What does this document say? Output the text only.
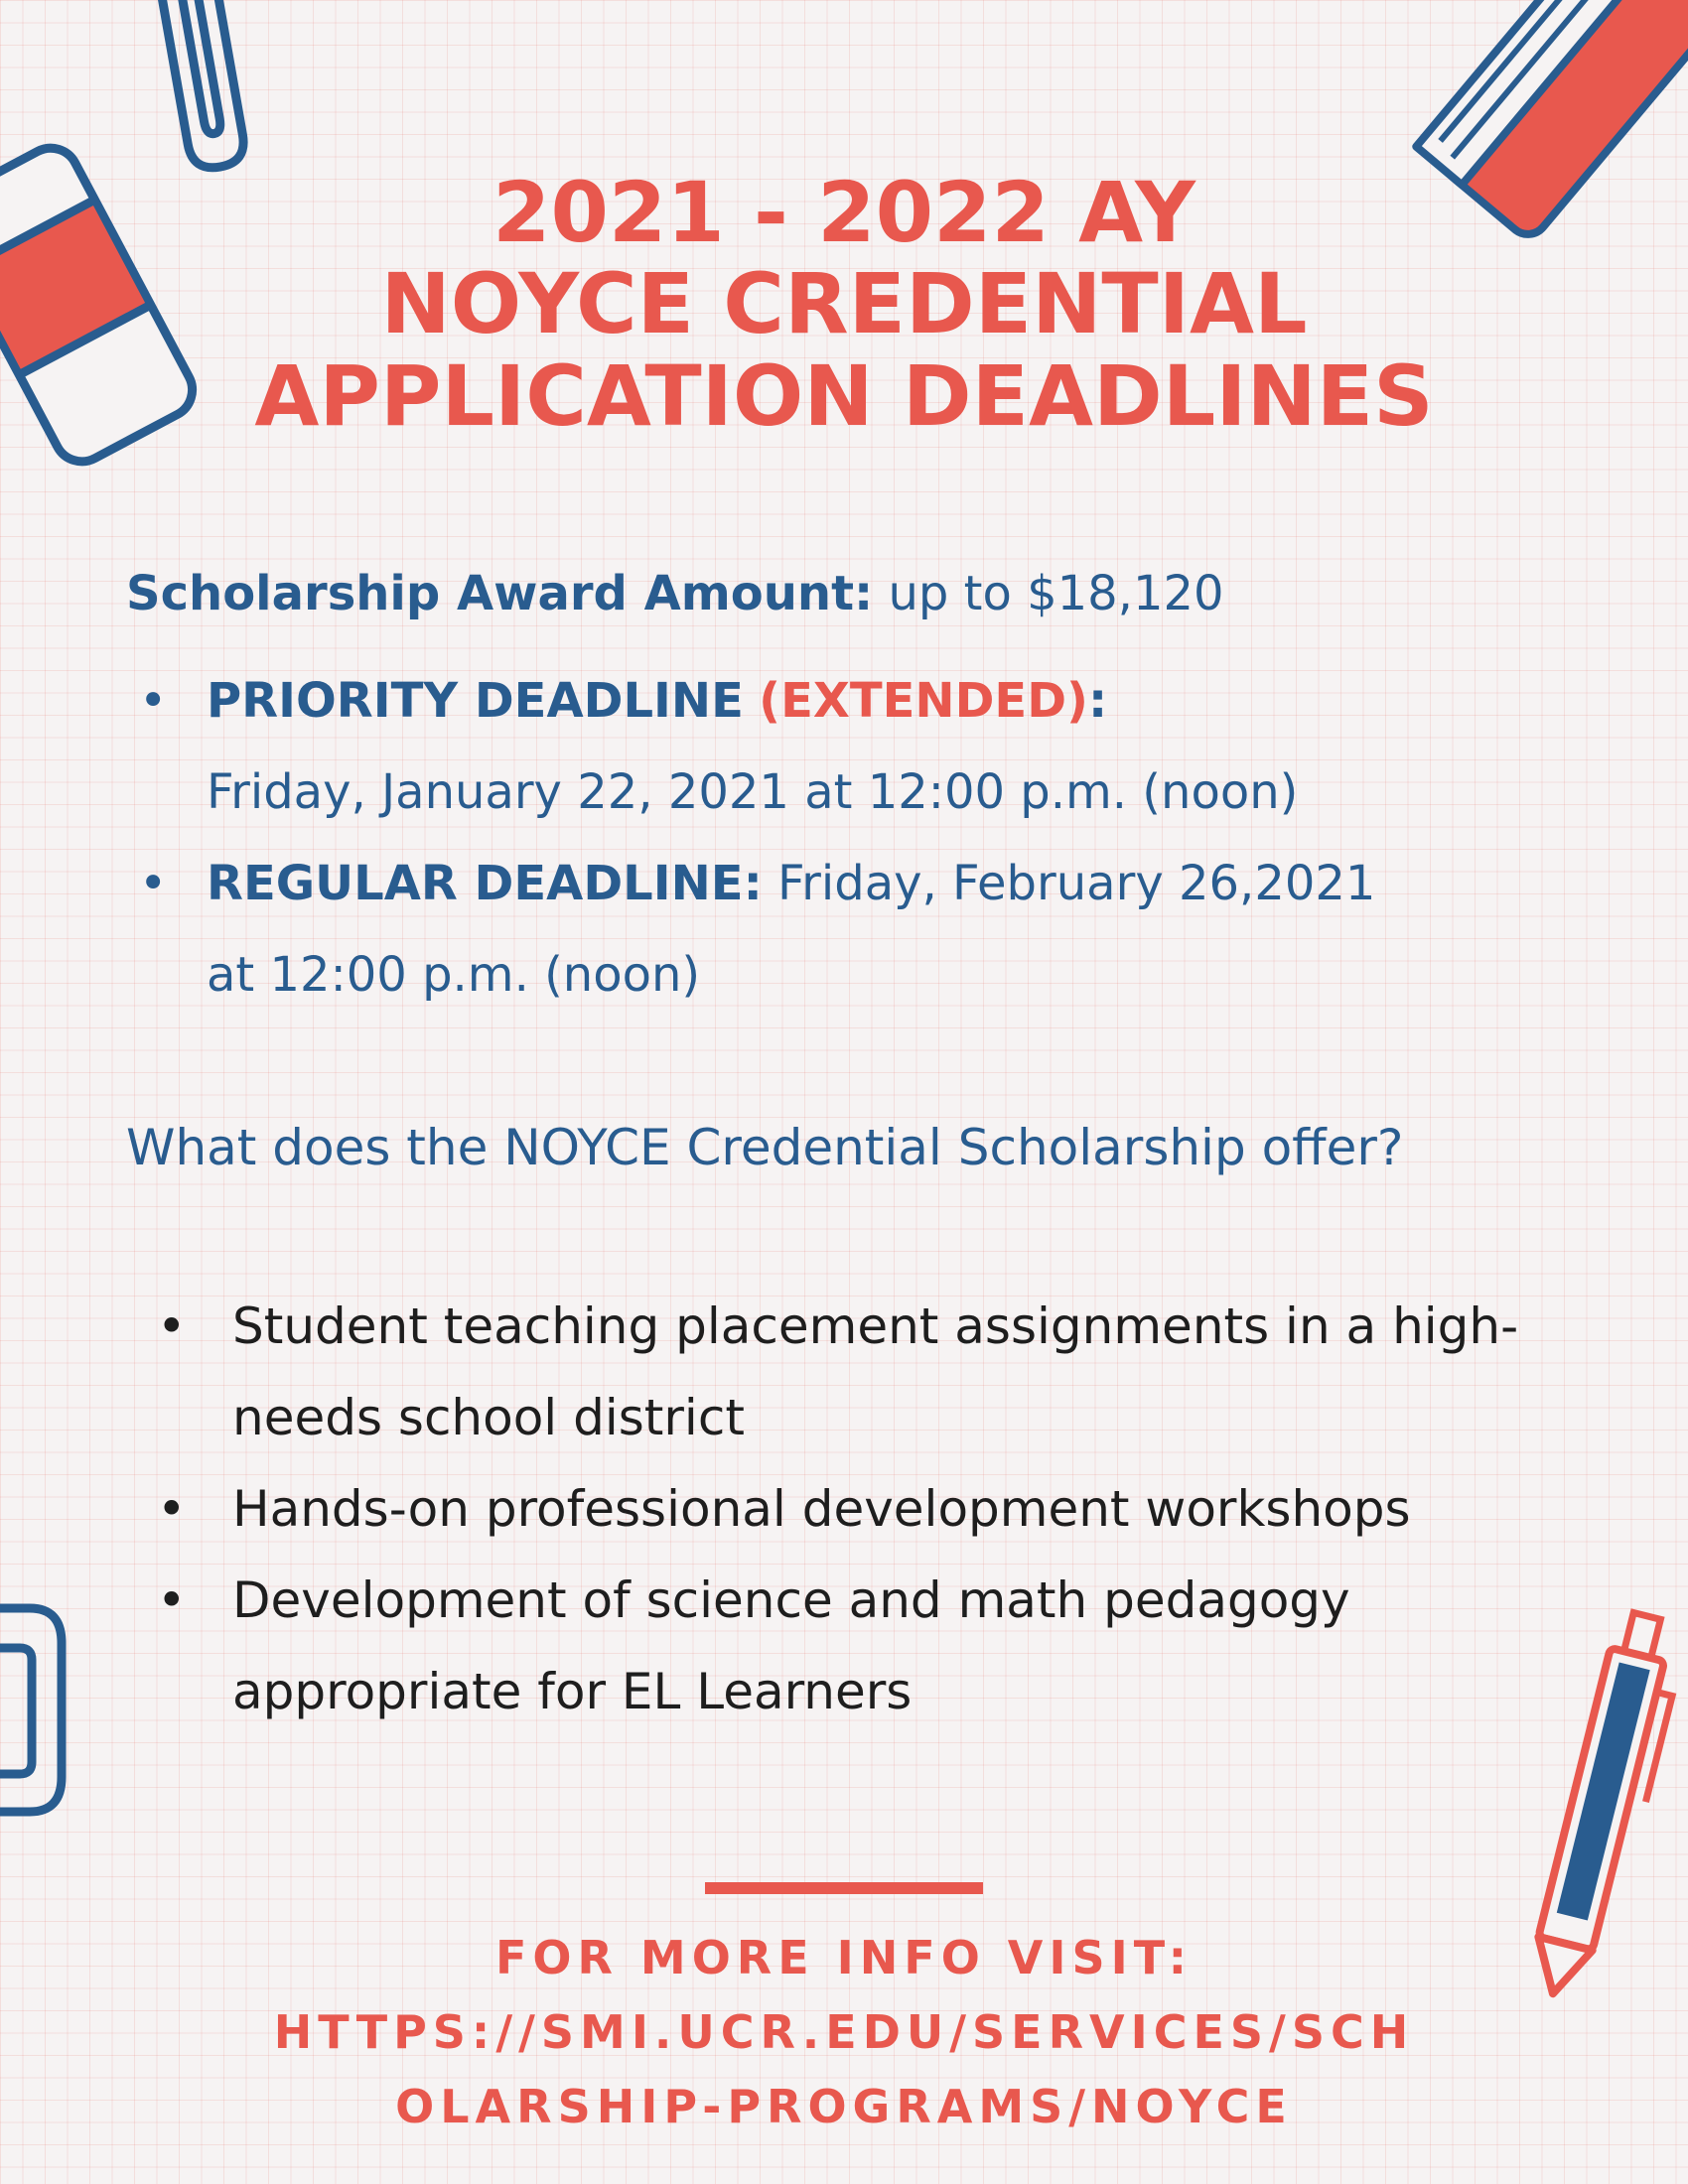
2021 - 2022 AY
NOYCE CREDENTIAL
APPLICATION DEADLINES
Scholarship Award Amount: up to $18,120
• PRIORITY DEADLINE (EXTENDED):
Friday, January 22, 2021 at 12:00 p.m. (noon)
• REGULAR DEADLINE: Friday, February 26,2021
at 12:00 p.m. (noon)
What does the NOYCE Credential Scholarship offer?
• Student teaching placement assignments in a high-needs school district
• Hands-on professional development workshops
• Development of science and math pedagogy appropriate for EL Learners
FOR MORE INFO VISIT:
HTTPS://SMI.UCR.EDU/SERVICES/SCH
OLARSHIP-PROGRAMS/NOYCE
